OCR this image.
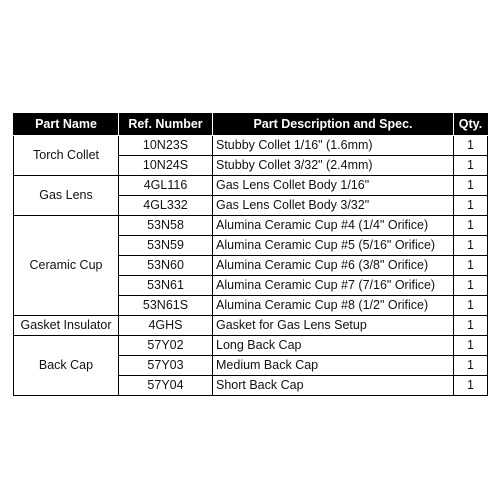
Part Name	Ref. Number	Part Description and Spec.	Qty.
Torch Collet	10N23S	Stubby Collet 1/16" (1.6mm)	1
	10N24S	Stubby Collet 3/32" (2.4mm)	1
Gas Lens	4GL116	Gas Lens Collet Body 1/16"	1
	4GL332	Gas Lens Collet Body 3/32"	1
Ceramic Cup	53N58	Alumina Ceramic Cup #4 (1/4" Orifice)	1
	53N59	Alumina Ceramic Cup #5 (5/16" Orifice)	1
	53N60	Alumina Ceramic Cup #6 (3/8" Orifice)	1
	53N61	Alumina Ceramic Cup #7 (7/16" Orifice)	1
	53N61S	Alumina Ceramic Cup #8 (1/2" Orifice)	1
Gasket Insulator	4GHS	Gasket for Gas Lens Setup	1
Back Cap	57Y02	Long Back Cap	1
	57Y03	Medium Back Cap	1
	57Y04	Short Back Cap	1
